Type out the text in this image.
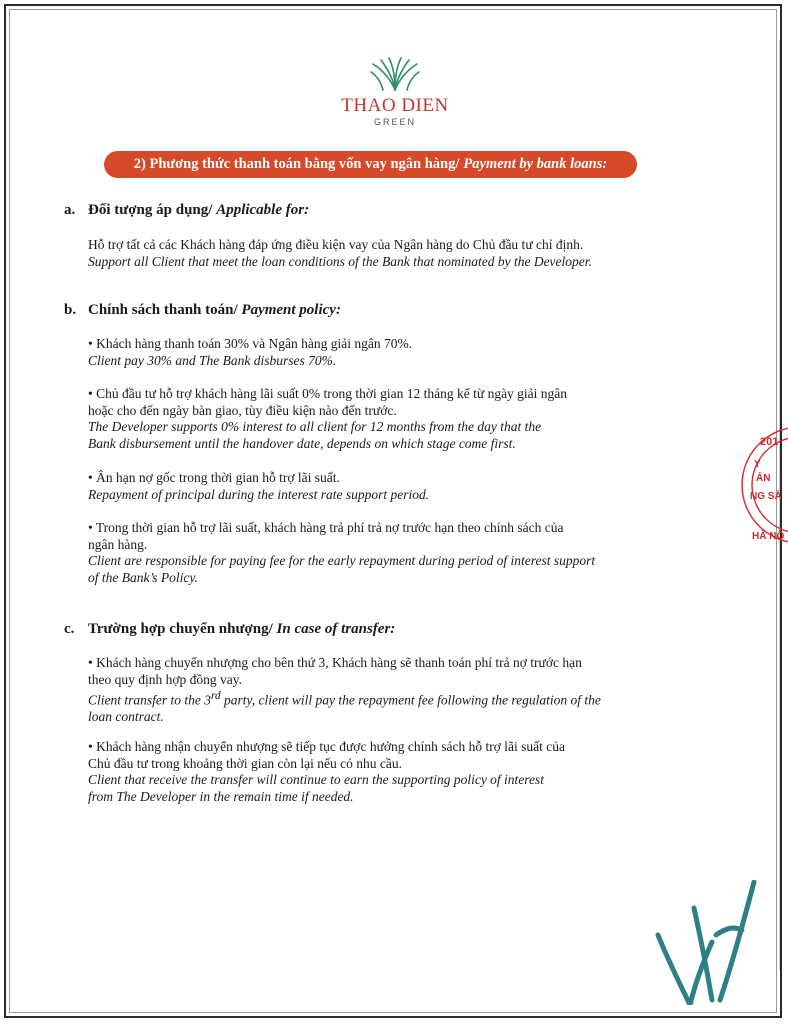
THAO DIEN
GREEN
2) Phương thức thanh toán bằng vốn vay ngân hàng/ Payment by bank loans:
a. Đối tượng áp dụng/ Applicable for:
Hỗ trợ tất cả các Khách hàng đáp ứng điều kiện vay của Ngân hàng do Chủ đầu tư chỉ định.
Support all Client that meet the loan conditions of the Bank that nominated by the Developer.
b. Chính sách thanh toán/ Payment policy:
• Khách hàng thanh toán 30% và Ngân hàng giải ngân 70%.
Client pay 30% and The Bank disburses 70%.
• Chủ đầu tư hỗ trợ khách hàng lãi suất 0% trong thời gian 12 tháng kể từ ngày giải ngân
hoặc cho đến ngày bàn giao, tùy điều kiện nào đến trước.
The Developer supports 0% interest to all client for 12 months from the day that the
Bank disbursement until the handover date, depends on which stage come first.
• Ân hạn nợ gốc trong thời gian hỗ trợ lãi suất.
Repayment of principal during the interest rate support period.
• Trong thời gian hỗ trợ lãi suất, khách hàng trả phí trả nợ trước hạn theo chính sách của
ngân hàng.
Client are responsible for paying fee for the early repayment during period of interest support
of the Bank’s Policy.
c. Trường hợp chuyển nhượng/ In case of transfer:
• Khách hàng chuyển nhượng cho bên thứ 3, Khách hàng sẽ thanh toán phí trả nợ trước hạn
theo quy định hợp đồng vay.
Client transfer to the 3rd party, client will pay the repayment fee following the regulation of the
loan contract.
• Khách hàng nhận chuyển nhượng sẽ tiếp tục được hưởng chính sách hỗ trợ lãi suất của
Chủ đầu tư trong khoảng thời gian còn lại nếu có nhu cầu.
Client that receive the transfer will continue to earn the supporting policy of interest
from The Developer in the remain time if needed.
201
Y
ẢN
NG SẢ
HÀ NỘ
